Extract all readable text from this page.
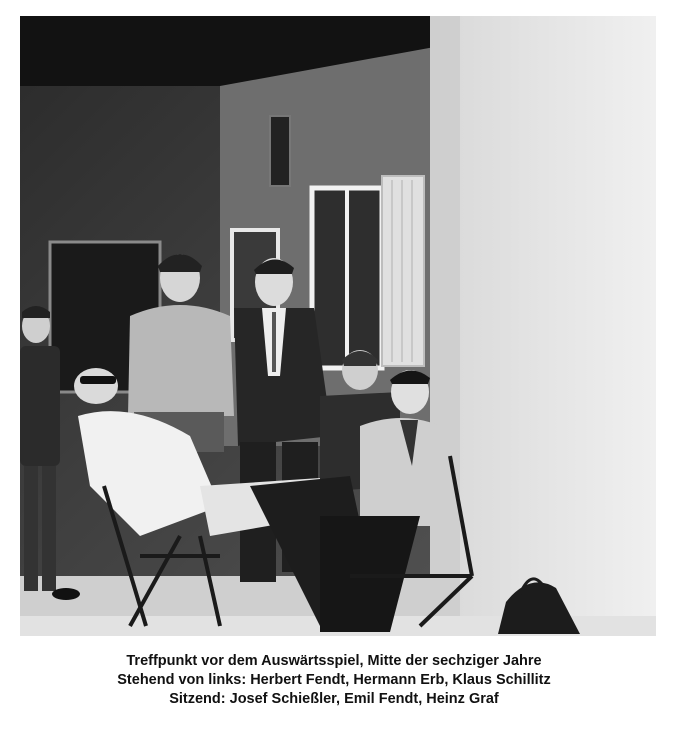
Treffpunkt vor dem Auswärtsspiel, Mitte der sechziger Jahre
Stehend von links: Herbert Fendt, Hermann Erb, Klaus Schillitz
Sitzend: Josef Schießler, Emil Fendt, Heinz Graf
